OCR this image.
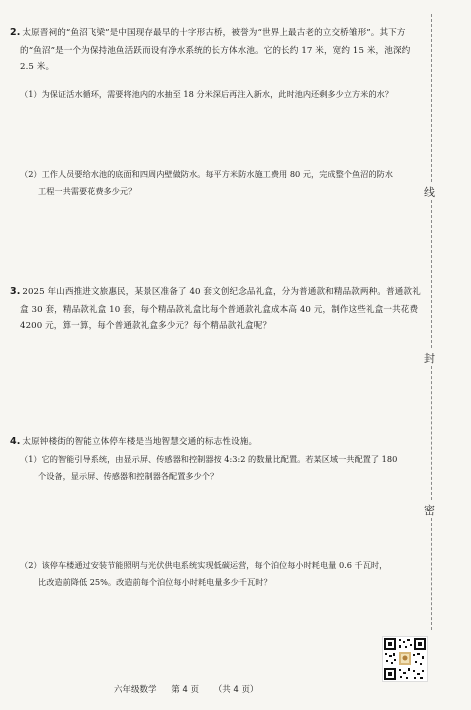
2. 太原晋祠的“鱼沼飞梁”是中国现存最早的十字形古桥，被誉为“世界上最古老的立交桥雏形”。其下方
的“鱼沼”是一个为保持池鱼活跃而设有净水系统的长方体水池。它的长约 17 米，宽约 15 米，池深约
2.5 米。
（1）为保证活水循环，需要将池内的水抽至 18 分米深后再注入新水，此时池内还剩多少立方米的水？
（2）工作人员要给水池的底面和四周内壁做防水。每平方米防水施工费用 80 元，完成整个鱼沼的防水
工程一共需要花费多少元？
3. 2025 年山西推进文旅惠民，某景区准备了 40 套文创纪念品礼盒，分为普通款和精品款两种。普通款礼
盒 30 套，精品款礼盒 10 套，每个精品款礼盒比每个普通款礼盒成本高 40 元，制作这些礼盒一共花费
4200 元，算一算，每个普通款礼盒多少元？每个精品款礼盒呢？
4. 太原钟楼街的智能立体停车楼是当地智慧交通的标志性设施。
（1）它的智能引导系统，由显示屏、传感器和控制器按 4:3:2 的数量比配置。若某区域一共配置了 180
个设备，显示屏、传感器和控制器各配置多少个？
（2）该停车楼通过安装节能照明与光伏供电系统实现低碳运营，每个泊位每小时耗电量 0.6 千瓦时，
比改造前降低 25%。改造前每个泊位每小时耗电量多少千瓦时？
线
封
密
六年级数学 第 4 页 （共 4 页）
